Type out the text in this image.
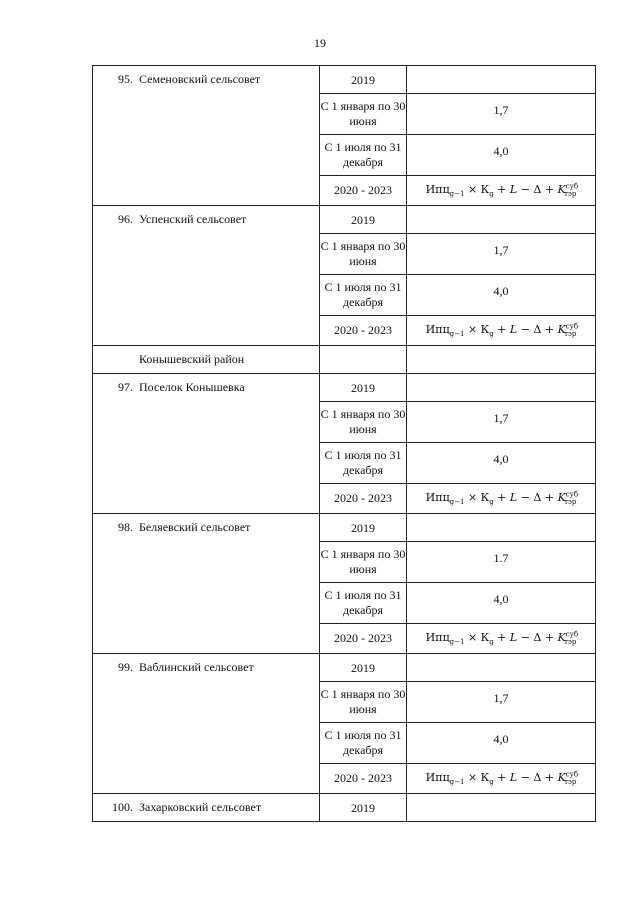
19
95. Семеновский сельсовет	2019	

	С 1 января по 30 июня	1,7

	С 1 июля по 31 декабря	4,0

	2020 - 2023	$Ипц_{g-1} \times К_g + L - \Delta + K^{суб}_{тэр}$
96. Успенский сельсовет	2019	

	С 1 января по 30 июня	1,7

	С 1 июля по 31 декабря	4,0

	2020 - 2023	$Ипц_{g-1} \times К_g + L - \Delta + K^{суб}_{тэр}$
Конышевский район		
97. Поселок Конышевка	2019	

	С 1 января по 30 июня	1,7

	С 1 июля по 31 декабря	4,0

	2020 - 2023	$Ипц_{g-1} \times К_g + L - \Delta + K^{суб}_{тэр}$
98. Беляевский сельсовет	2019	

	С 1 января по 30 июня	1.7

	С 1 июля по 31 декабря	4,0

	2020 - 2023	$Ипц_{g-1} \times К_g + L - \Delta + K^{суб}_{тэр}$
99. Ваблинский сельсовет	2019	

	С 1 января по 30 июня	1,7

	С 1 июля по 31 декабря	4,0

	2020 - 2023	$Ипц_{g-1} \times К_g + L - \Delta + K^{суб}_{тэр}$
100. Захарковский сельсовет	2019	
